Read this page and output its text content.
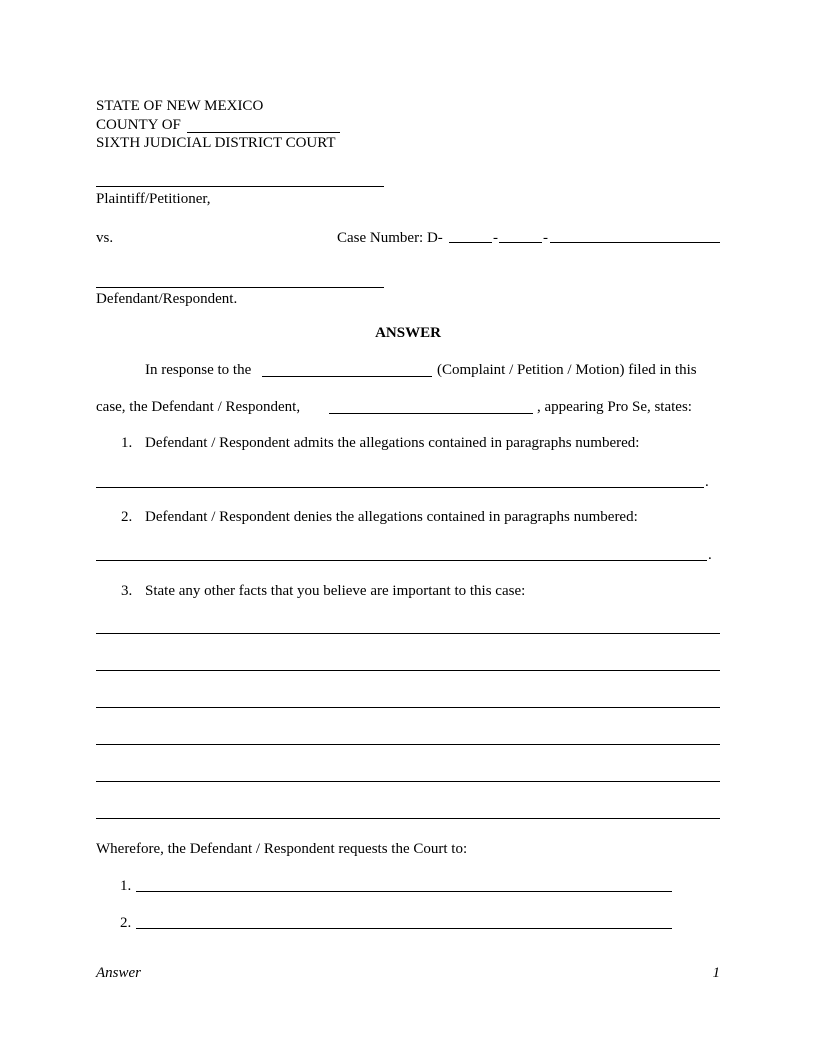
STATE OF NEW MEXICO
COUNTY OF
SIXTH JUDICIAL DISTRICT COURT
Plaintiff/Petitioner,
vs.	Case Number: D-	-	-
Defendant/Respondent.
ANSWER
In response to the	(Complaint / Petition / Motion) filed in this
case, the Defendant / Respondent,	, appearing Pro Se, states:
1. Defendant / Respondent admits the allegations contained in paragraphs numbered:
.
2. Defendant / Respondent denies the allegations contained in paragraphs numbered:
.
3. State any other facts that you believe are important to this case:
Wherefore, the Defendant / Respondent requests the Court to:
1.
2.
Answer	1
